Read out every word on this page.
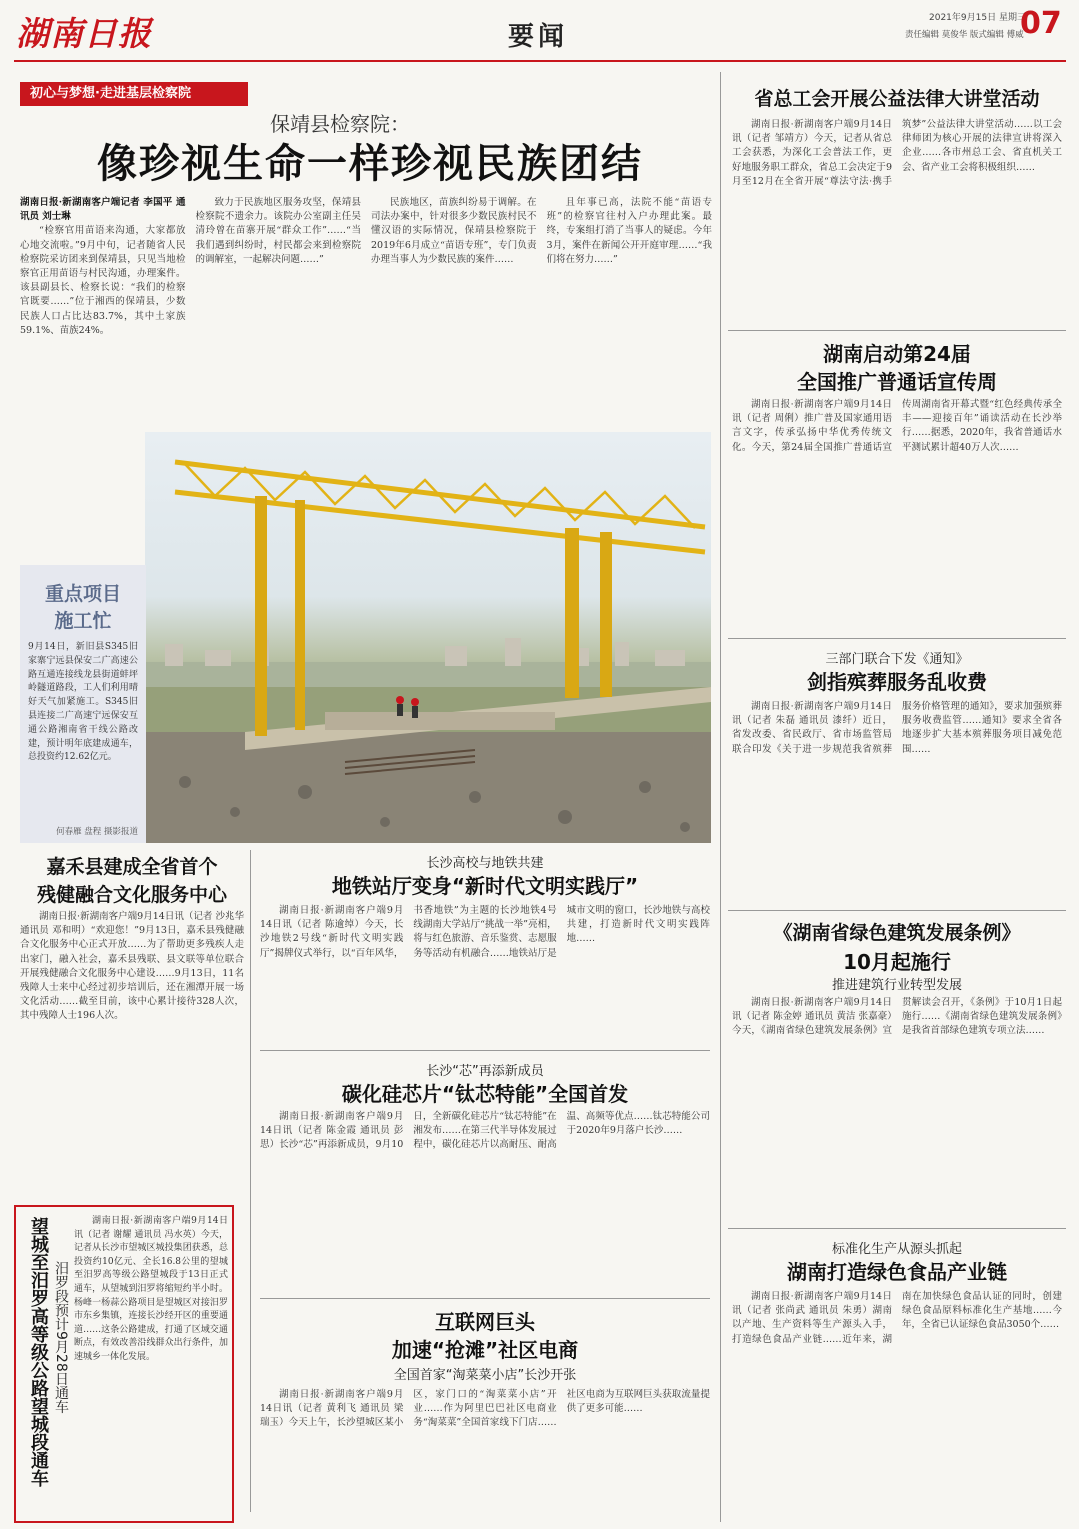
湖南日报	要闻
2021年9月15日 星期三
责任编辑 莫俊华 版式编辑 傅威
07
初心与梦想·走进基层检察院
保靖县检察院：
像珍视生命一样珍视民族团结

湖南日报·新湖南客户端记者 李国平 通讯员 刘士琳

“检察官用苗语来沟通，大家都放心地交流啦。”9月中旬，记者随省人民检察院采访团来到保靖县，只见当地检察官正用苗语与村民沟通，办理案件。该县副县长、检察长说：“我们的检察官既要……”位于湘西的保靖县，少数民族人口占比达83.7%，其中土家族59.1%、苗族24%。

致力于民族地区服务攻坚，保靖县检察院不遗余力。该院办公室副主任吴清玲曾在苗寨开展“群众工作”……“当我们遇到纠纷时，村民都会来到检察院的调解室，一起解决问题……”

民族地区，苗族纠纷易于调解。在司法办案中，针对很多少数民族村民不懂汉语的实际情况，保靖县检察院于2019年6月成立“苗语专班”，专门负责办理当事人为少数民族的案件……

且年事已高，法院不能“苗语专班”的检察官往村入户办理此案。最终，专案组打消了当事人的疑虑。今年3月，案件在新闻公开开庭审理……“我们将在努力……”

重点项目
施工忙
9月14日，新旧县S345旧家寨宁远县保安二广高速公路互通连接线龙县街道蚌坪岭隧道路段，工人们利用晴好天气加紧施工。S345旧县连接二广高速宁远保安互通公路湘南省干线公路改建，预计明年底建成通车，总投资约12.62亿元。
何春雁 盘程 摄影报道
嘉禾县建成全省首个
残健融合文化服务中心
湖南日报·新湖南客户端9月14日讯（记者 沙兆华 通讯员 邓和明）“欢迎您！”9月13日，嘉禾县残健融合文化服务中心正式开放……为了帮助更多残疾人走出家门，融入社会，嘉禾县残联、县文联等单位联合开展残健融合文化服务中心建设……9月13日，11名残障人士来中心经过初步培训后，还在湘潭开展一场文化活动……截至目前，该中心累计接待328人次，其中残障人士196人次。
长沙高校与地铁共建
地铁站厅变身“新时代文明实践厅”

湖南日报·新湖南客户端9月14日讯（记者 陈逾绰）今天，长沙地铁2号线“新时代文明实践厅”揭牌仪式举行，以“百年风华，书香地铁”为主题的长沙地铁4号线湖南大学站厅“挑战一举”亮相，将与红色旅游、音乐鉴赏、志愿服务等活动有机融合……地铁站厅是城市文明的窗口，长沙地铁与高校共建，打造新时代文明实践阵地……

长沙“芯”再添新成员
碳化硅芯片“钛芯特能”全国首发

湖南日报·新湖南客户端9月14日讯（记者 陈金霞 通讯员 彭思）长沙“芯”再添新成员，9月10日，全新碳化硅芯片“钛芯特能”在湘发布……在第三代半导体发展过程中，碳化硅芯片以高耐压、耐高温、高频等优点……钛芯特能公司于2020年9月落户长沙……

互联网巨头
加速“抢滩”社区电商
全国首家“淘菜菜小店”长沙开张

湖南日报·新湖南客户端9月14日讯（记者 黄利飞 通讯员 梁瑞玉）今天上午，长沙望城区某小区，家门口的“淘菜菜小店”开业……作为阿里巴巴社区电商业务“淘菜菜”全国首家线下门店……社区电商为互联网巨头获取流量提供了更多可能……

望城至汨罗高等级公路望城段通车 汨罗段预计9月28日通车
湖南日报·新湖南客户端9月14日讯（记者 谢耀 通讯员 冯水英）今天，记者从长沙市望城区城投集团获悉，总投资约10亿元、全长16.8公里的望城至汨罗高等级公路望城段于13日正式通车，从望城到汨罗将缩短约半小时。杨峰一杨蒜公路项目是望城区对接汨罗市东乡集镇，连接长沙经开区的重要通道……这条公路建成，打通了区域交通断点，有效改善沿线群众出行条件，加速城乡一体化发展。
省总工会开展公益法律大讲堂活动

湖南日报·新湖南客户端9月14日讯（记者 邹靖方）今天，记者从省总工会获悉，为深化工会普法工作，更好地服务职工群众，省总工会决定于9月至12月在全省开展“尊法守法·携手筑梦”公益法律大讲堂活动……以工会律师团为核心开展的法律宣讲将深入企业……各市州总工会、省直机关工会、省产业工会将积极组织……

湖南启动第24届
全国推广普通话宣传周

湖南日报·新湖南客户端9月14日讯（记者 周俐）推广普及国家通用语言文字，传承弘扬中华优秀传统文化。今天，第24届全国推广普通话宣传周湖南省开幕式暨“红色经典传承全丰——迎接百年”诵读活动在长沙举行……据悉，2020年，我省普通话水平测试累计超40万人次……

三部门联合下发《通知》
剑指殡葬服务乱收费

湖南日报·新湖南客户端9月14日讯（记者 朱磊 通讯员 漆纤）近日，省发改委、省民政厅、省市场监管局联合印发《关于进一步规范我省殡葬服务价格管理的通知》，要求加强殡葬服务收费监管……通知》要求全省各地逐步扩大基本殡葬服务项目减免范围……

《湖南省绿色建筑发展条例》
10月起施行
推进建筑行业转型发展

湖南日报·新湖南客户端9月14日讯（记者 陈金婷 通讯员 黄洁 张嘉豪）今天，《湖南省绿色建筑发展条例》宣贯解读会召开，《条例》于10月1日起施行……《湖南省绿色建筑发展条例》是我省首部绿色建筑专项立法……

标准化生产从源头抓起
湖南打造绿色食品产业链

湖南日报·新湖南客户端9月14日讯（记者 张尚武 通讯员 朱勇）湖南以产地、生产资料等生产源头入手，打造绿色食品产业链……近年来，湖南在加快绿色食品认证的同时，创建绿色食品原料标准化生产基地……今年，全省已认证绿色食品3050个……
